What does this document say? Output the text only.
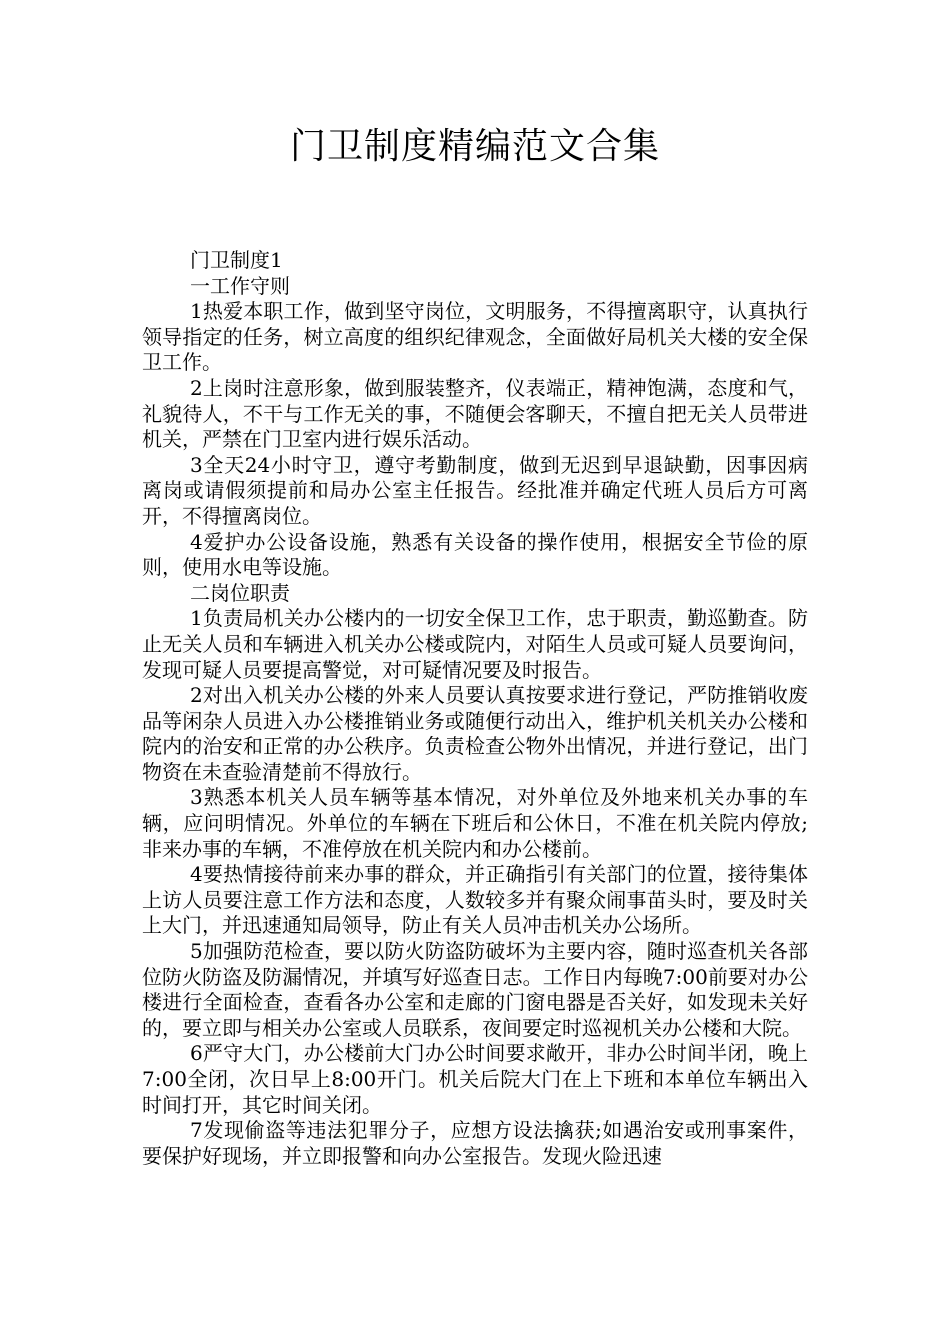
门卫制度精编范文合集

门卫制度1

一工作守则

1热爱本职工作，做到坚守岗位，文明服务，不得擅离职守，认真执行领导指定的任务，树立高度的组织纪律观念，全面做好局机关大楼的安全保卫工作。

2上岗时注意形象，做到服装整齐，仪表端正，精神饱满，态度和气，礼貌待人，不干与工作无关的事，不随便会客聊天，不擅自把无关人员带进机关，严禁在门卫室内进行娱乐活动。

3全天24小时守卫，遵守考勤制度，做到无迟到早退缺勤，因事因病离岗或请假须提前和局办公室主任报告。经批准并确定代班人员后方可离开，不得擅离岗位。

4爱护办公设备设施，熟悉有关设备的操作使用，根据安全节俭的原则，使用水电等设施。

二岗位职责

1负责局机关办公楼内的一切安全保卫工作，忠于职责，勤巡勤查。防止无关人员和车辆进入机关办公楼或院内，对陌生人员或可疑人员要询问，发现可疑人员要提高警觉，对可疑情况要及时报告。

2对出入机关办公楼的外来人员要认真按要求进行登记，严防推销收废品等闲杂人员进入办公楼推销业务或随便行动出入，维护机关机关办公楼和院内的治安和正常的办公秩序。负责检查公物外出情况，并进行登记，出门物资在未查验清楚前不得放行。

3熟悉本机关人员车辆等基本情况，对外单位及外地来机关办事的车辆，应问明情况。外单位的车辆在下班后和公休日，不准在机关院内停放;非来办事的车辆，不准停放在机关院内和办公楼前。

4要热情接待前来办事的群众，并正确指引有关部门的位置，接待集体上访人员要注意工作方法和态度，人数较多并有聚众闹事苗头时，要及时关上大门，并迅速通知局领导，防止有关人员冲击机关办公场所。

5加强防范检查，要以防火防盗防破坏为主要内容，随时巡查机关各部位防火防盗及防漏情况，并填写好巡查日志。工作日内每晚7:00前要对办公楼进行全面检查，查看各办公室和走廊的门窗电器是否关好，如发现未关好的，要立即与相关办公室或人员联系，夜间要定时巡视机关办公楼和大院。

6严守大门，办公楼前大门办公时间要求敞开，非办公时间半闭，晚上7:00全闭，次日早上8:00开门。机关后院大门在上下班和本单位车辆出入时间打开，其它时间关闭。

7发现偷盗等违法犯罪分子，应想方设法擒获;如遇治安或刑事案件，要保护好现场，并立即报警和向办公室报告。发现火险迅速
